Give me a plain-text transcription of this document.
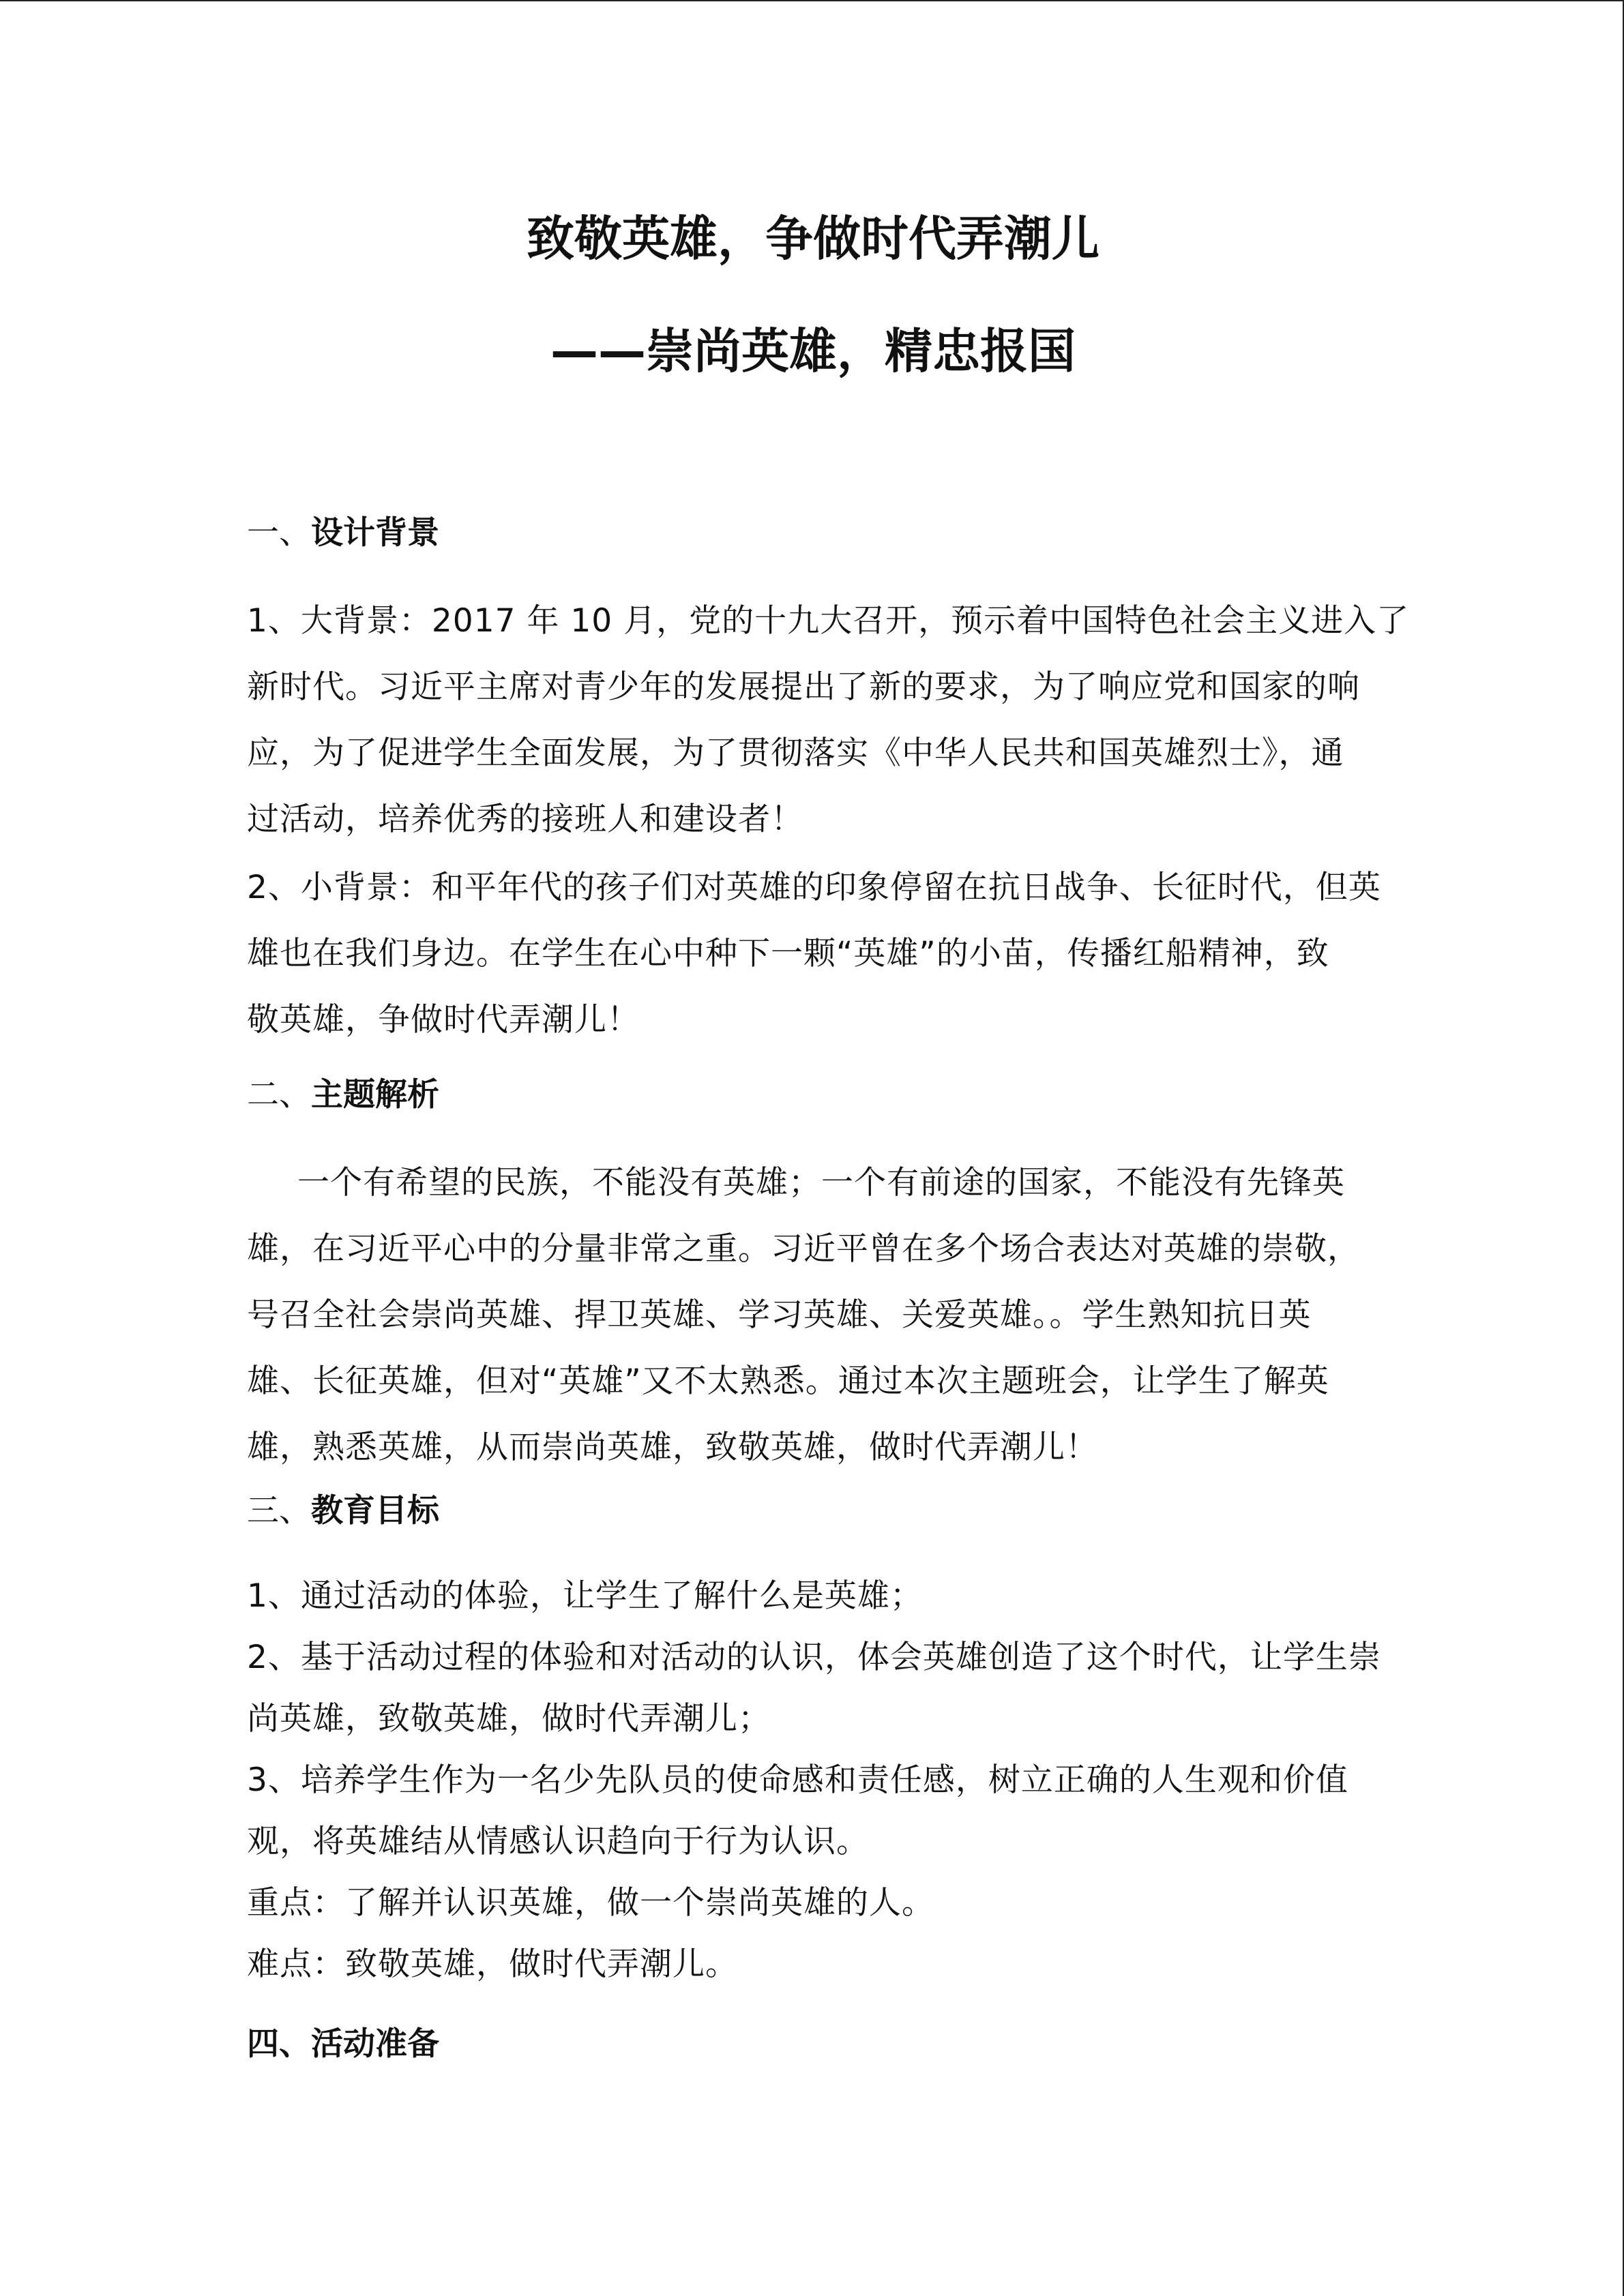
致敬英雄，争做时代弄潮儿
——崇尚英雄，精忠报国
一、设计背景
1、大背景：2017 年 10 月，党的十九大召开，预示着中国特色社会主义进入了
新时代。习近平主席对青少年的发展提出了新的要求，为了响应党和国家的响
应，为了促进学生全面发展，为了贯彻落实《中华人民共和国英雄烈士》，通
过活动，培养优秀的接班人和建设者！
2、小背景：和平年代的孩子们对英雄的印象停留在抗日战争、长征时代，但英
雄也在我们身边。在学生在心中种下一颗“英雄”的小苗，传播红船精神，致
敬英雄，争做时代弄潮儿！
二、主题解析
一个有希望的民族，不能没有英雄；一个有前途的国家，不能没有先锋英
雄，在习近平心中的分量非常之重。习近平曾在多个场合表达对英雄的崇敬，
号召全社会崇尚英雄、捍卫英雄、学习英雄、关爱英雄。。学生熟知抗日英
雄、长征英雄，但对“英雄”又不太熟悉。通过本次主题班会，让学生了解英
雄，熟悉英雄，从而崇尚英雄，致敬英雄，做时代弄潮儿！
三、教育目标
1、通过活动的体验，让学生了解什么是英雄；
2、基于活动过程的体验和对活动的认识，体会英雄创造了这个时代，让学生崇
尚英雄，致敬英雄，做时代弄潮儿；
3、培养学生作为一名少先队员的使命感和责任感，树立正确的人生观和价值
观，将英雄结从情感认识趋向于行为认识。
重点：了解并认识英雄，做一个崇尚英雄的人。
难点：致敬英雄，做时代弄潮儿。
四、活动准备
